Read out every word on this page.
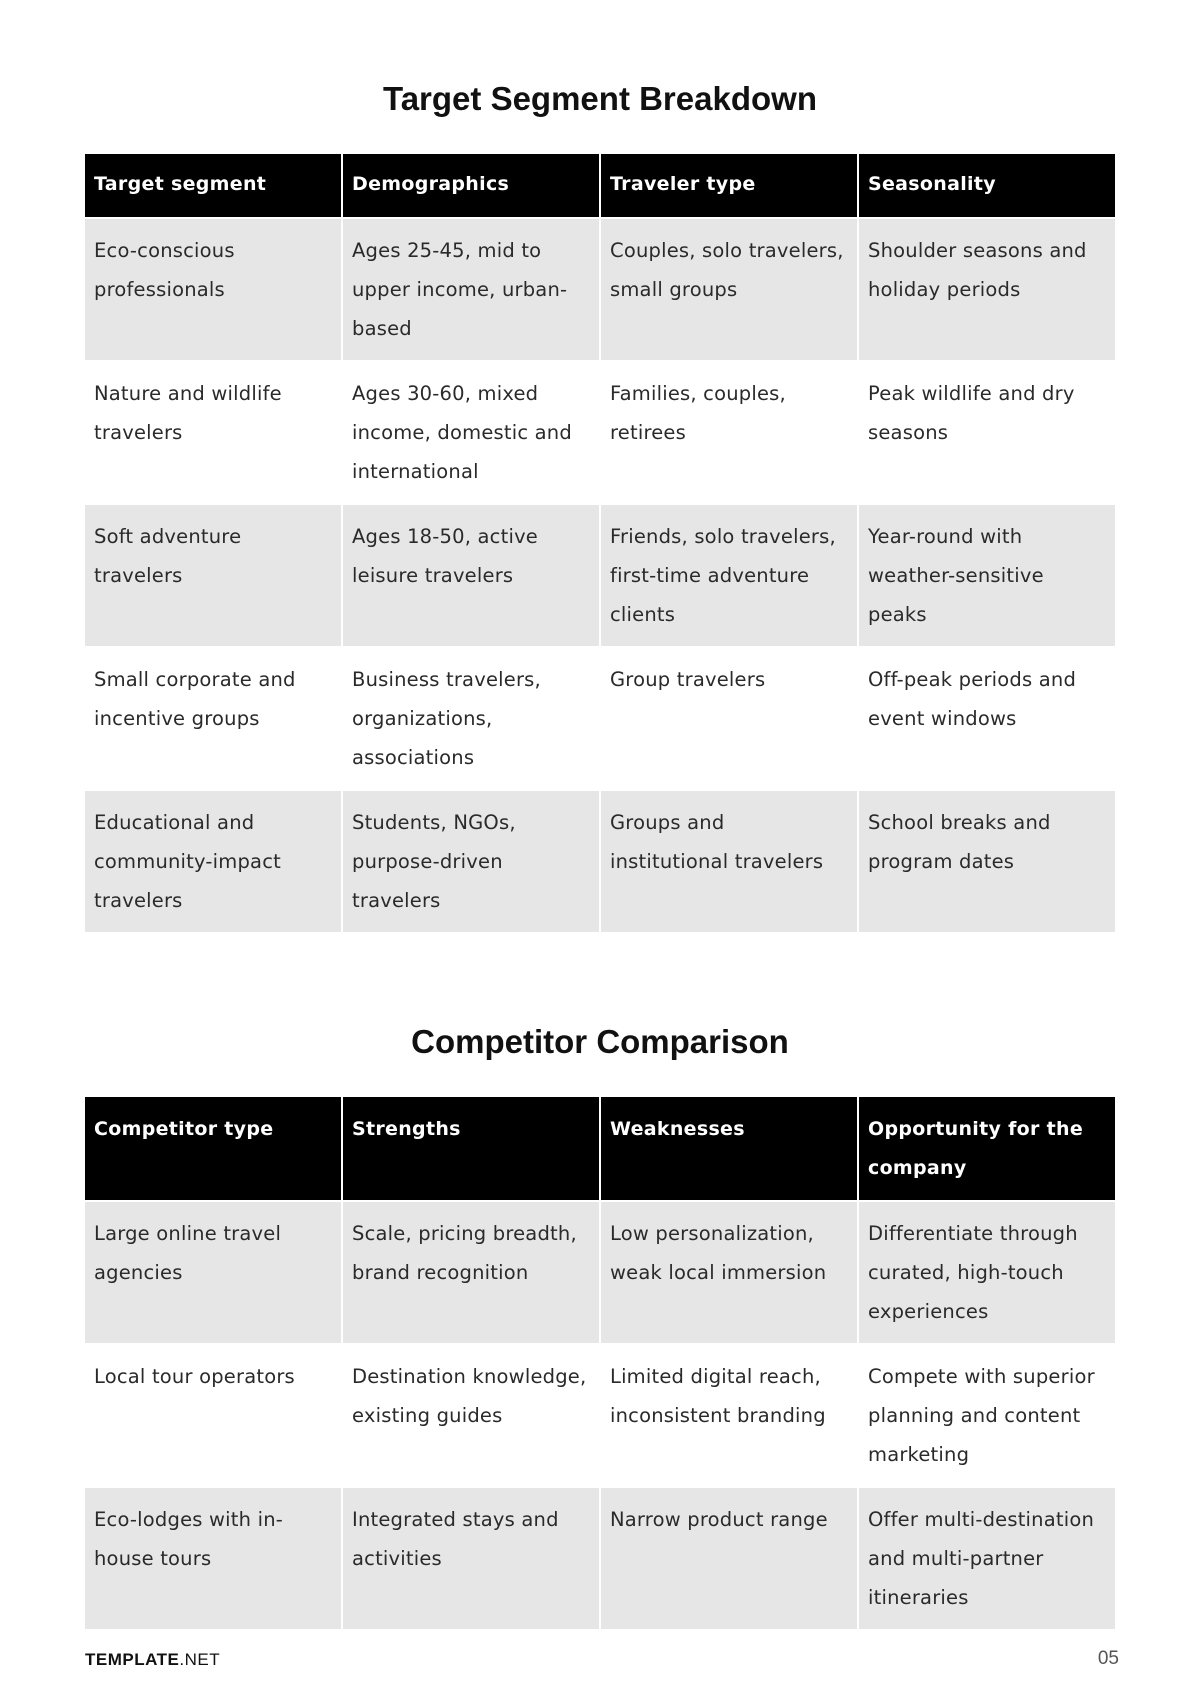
Target Segment Breakdown
Target segment	Demographics	Traveler type	Seasonality
Eco-conscious professionals	Ages 25-45, mid to upper income, urban-based	Couples, solo travelers, small groups	Shoulder seasons and holiday periods
Nature and wildlife travelers	Ages 30-60, mixed income, domestic and international	Families, couples, retirees	Peak wildlife and dry seasons
Soft adventure travelers	Ages 18-50, active leisure travelers	Friends, solo travelers, first-time adventure clients	Year-round with weather-sensitive peaks
Small corporate and incentive groups	Business travelers, organizations, associations	Group travelers	Off-peak periods and event windows
Educational and community-impact travelers	Students, NGOs, purpose-driven travelers	Groups and institutional travelers	School breaks and program dates
Competitor Comparison
Competitor type	Strengths	Weaknesses	Opportunity for the company
Large online travel agencies	Scale, pricing breadth, brand recognition	Low personalization, weak local immersion	Differentiate through curated, high-touch experiences
Local tour operators	Destination knowledge, existing guides	Limited digital reach, inconsistent branding	Compete with superior planning and content marketing
Eco-lodges with in-house tours	Integrated stays and activities	Narrow product range	Offer multi-destination and multi-partner itineraries
TEMPLATE.NET	05
